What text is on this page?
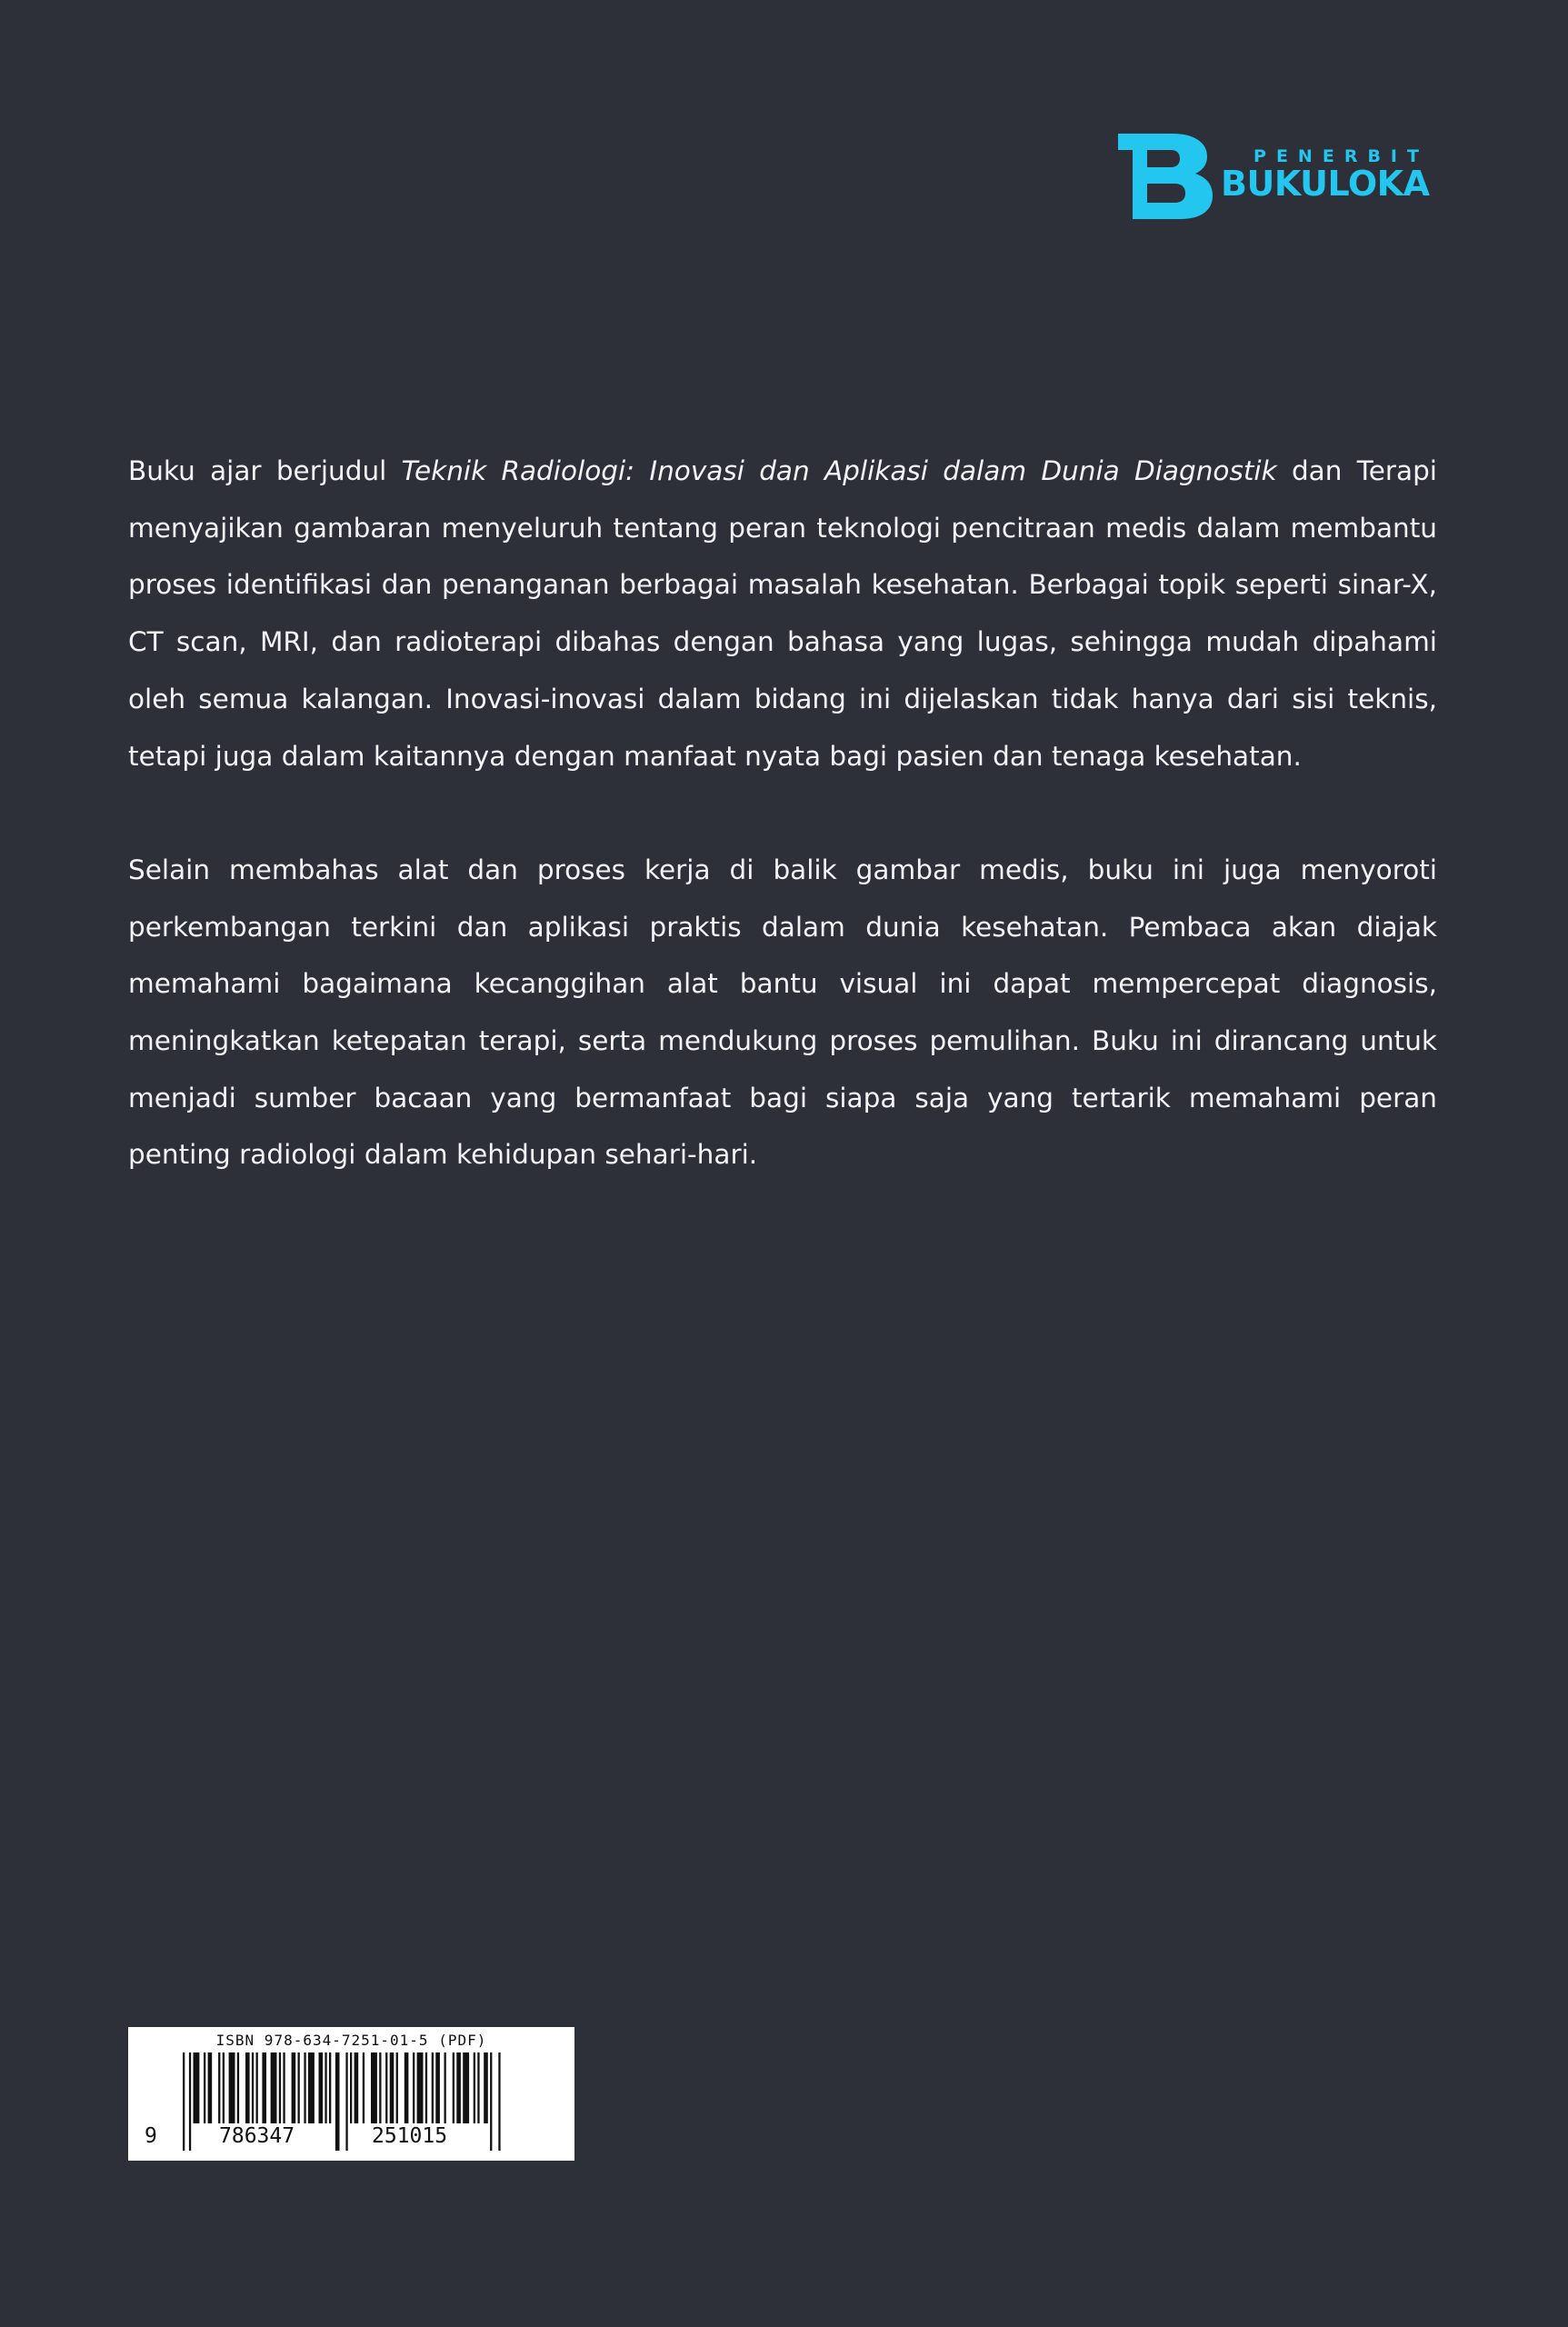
PENERBIT
BUKULOKA

Buku ajar berjudul Teknik Radiologi: Inovasi dan Aplikasi dalam Dunia Diagnostik dan Terapi menyajikan gambaran menyeluruh tentang peran teknologi pencitraan medis dalam membantu proses identifikasi dan penanganan berbagai masalah kesehatan. Berbagai topik seperti sinar-X, CT scan, MRI, dan radioterapi dibahas dengan bahasa yang lugas, sehingga mudah dipahami oleh semua kalangan. Inovasi-inovasi dalam bidang ini dijelaskan tidak hanya dari sisi teknis, tetapi juga dalam kaitannya dengan manfaat nyata bagi pasien dan tenaga kesehatan.

Selain membahas alat dan proses kerja di balik gambar medis, buku ini juga menyoroti perkembangan terkini dan aplikasi praktis dalam dunia kesehatan. Pembaca akan diajak memahami bagaimana kecanggihan alat bantu visual ini dapat mempercepat diagnosis, meningkatkan ketepatan terapi, serta mendukung proses pemulihan. Buku ini dirancang untuk menjadi sumber bacaan yang bermanfaat bagi siapa saja yang tertarik memahami peran penting radiologi dalam kehidupan sehari-hari.

ISBN 978-634-7251-01-5 (PDF)
9	786347	251015
